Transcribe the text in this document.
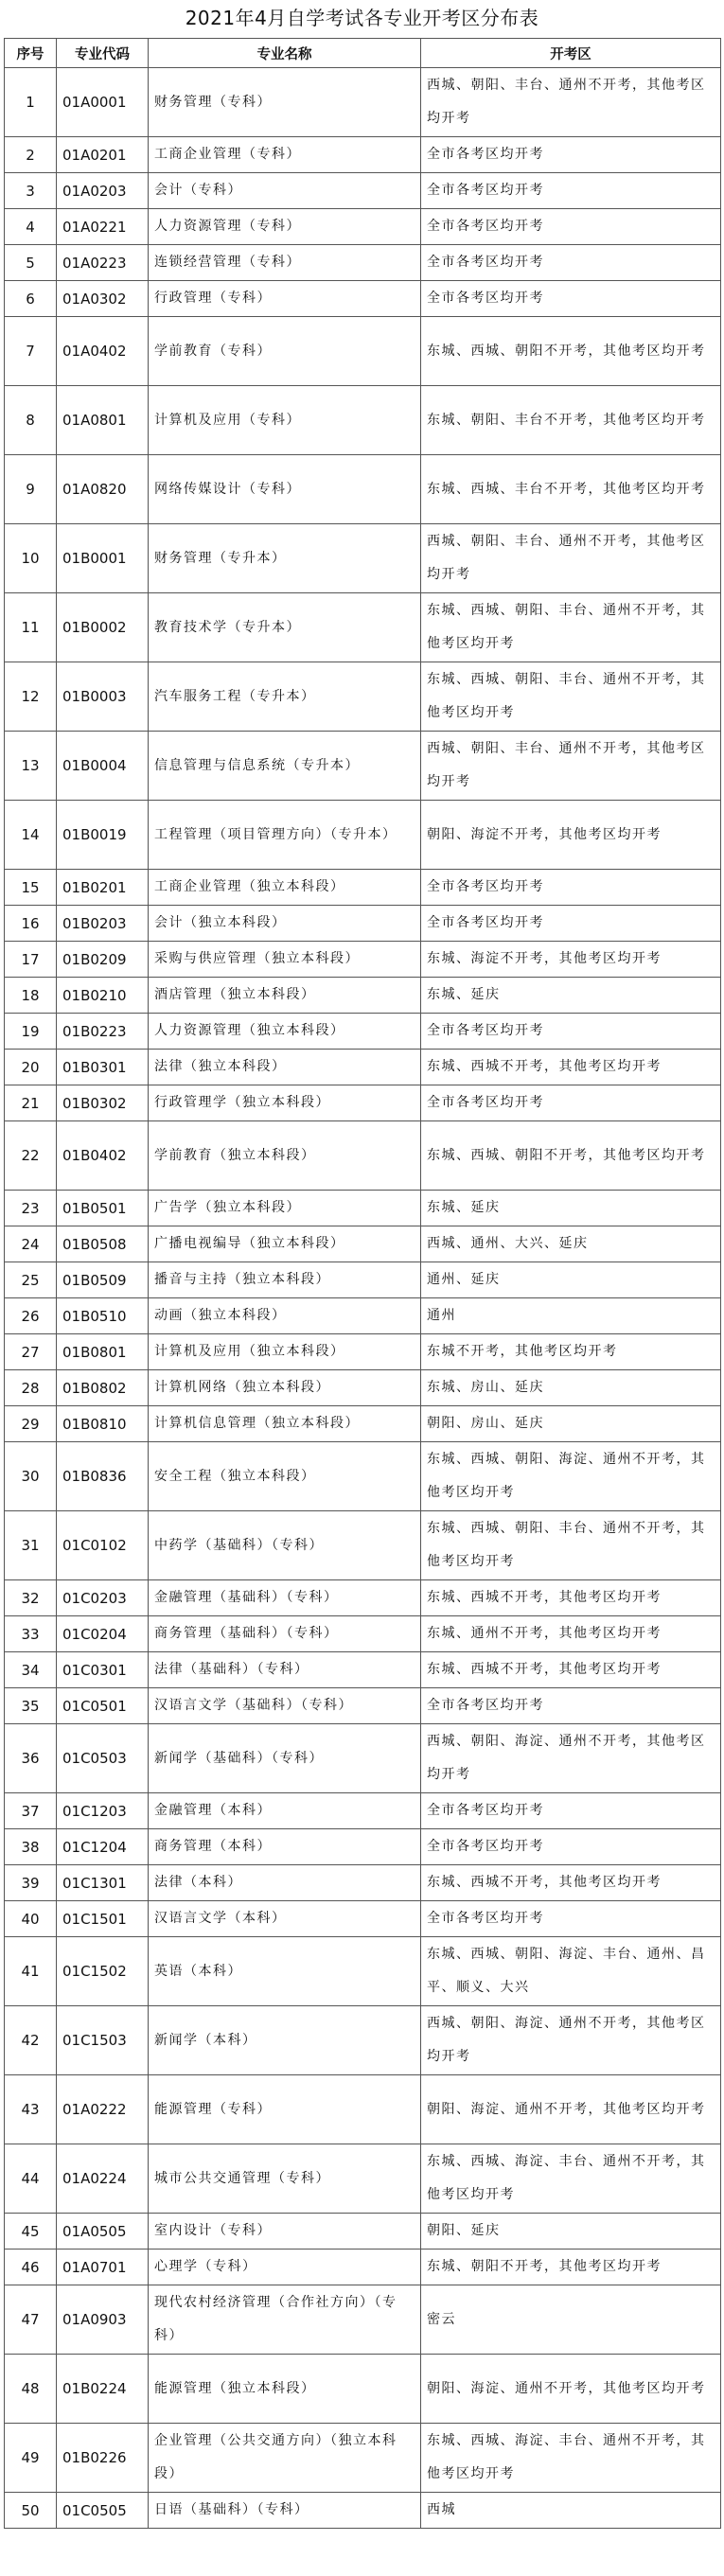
2021年4月自学考试各专业开考区分布表
序号	专业代码	专业名称	开考区
1	01A0001	财务管理（专科）	西城、朝阳、丰台、通州不开考，其他考区均开考
2	01A0201	工商企业管理（专科）	全市各考区均开考
3	01A0203	会计（专科）	全市各考区均开考
4	01A0221	人力资源管理（专科）	全市各考区均开考
5	01A0223	连锁经营管理（专科）	全市各考区均开考
6	01A0302	行政管理（专科）	全市各考区均开考
7	01A0402	学前教育（专科）	东城、西城、朝阳不开考，其他考区均开考
8	01A0801	计算机及应用（专科）	东城、朝阳、丰台不开考，其他考区均开考
9	01A0820	网络传媒设计（专科）	东城、西城、丰台不开考，其他考区均开考
10	01B0001	财务管理（专升本）	西城、朝阳、丰台、通州不开考，其他考区均开考
11	01B0002	教育技术学（专升本）	东城、西城、朝阳、丰台、通州不开考，其他考区均开考
12	01B0003	汽车服务工程（专升本）	东城、西城、朝阳、丰台、通州不开考，其他考区均开考
13	01B0004	信息管理与信息系统（专升本）	西城、朝阳、丰台、通州不开考，其他考区均开考
14	01B0019	工程管理（项目管理方向）（专升本）	朝阳、海淀不开考，其他考区均开考
15	01B0201	工商企业管理（独立本科段）	全市各考区均开考
16	01B0203	会计（独立本科段）	全市各考区均开考
17	01B0209	采购与供应管理（独立本科段）	东城、海淀不开考，其他考区均开考
18	01B0210	酒店管理（独立本科段）	东城、延庆
19	01B0223	人力资源管理（独立本科段）	全市各考区均开考
20	01B0301	法律（独立本科段）	东城、西城不开考，其他考区均开考
21	01B0302	行政管理学（独立本科段）	全市各考区均开考
22	01B0402	学前教育（独立本科段）	东城、西城、朝阳不开考，其他考区均开考
23	01B0501	广告学（独立本科段）	东城、延庆
24	01B0508	广播电视编导（独立本科段）	西城、通州、大兴、延庆
25	01B0509	播音与主持（独立本科段）	通州、延庆
26	01B0510	动画（独立本科段）	通州
27	01B0801	计算机及应用（独立本科段）	东城不开考，其他考区均开考
28	01B0802	计算机网络（独立本科段）	东城、房山、延庆
29	01B0810	计算机信息管理（独立本科段）	朝阳、房山、延庆
30	01B0836	安全工程（独立本科段）	东城、西城、朝阳、海淀、通州不开考，其他考区均开考
31	01C0102	中药学（基础科）（专科）	东城、西城、朝阳、丰台、通州不开考，其他考区均开考
32	01C0203	金融管理（基础科）（专科）	东城、西城不开考，其他考区均开考
33	01C0204	商务管理（基础科）（专科）	东城、通州不开考，其他考区均开考
34	01C0301	法律（基础科）（专科）	东城、西城不开考，其他考区均开考
35	01C0501	汉语言文学（基础科）（专科）	全市各考区均开考
36	01C0503	新闻学（基础科）（专科）	西城、朝阳、海淀、通州不开考，其他考区均开考
37	01C1203	金融管理（本科）	全市各考区均开考
38	01C1204	商务管理（本科）	全市各考区均开考
39	01C1301	法律（本科）	东城、西城不开考，其他考区均开考
40	01C1501	汉语言文学（本科）	全市各考区均开考
41	01C1502	英语（本科）	东城、西城、朝阳、海淀、丰台、通州、昌平、顺义、大兴
42	01C1503	新闻学（本科）	西城、朝阳、海淀、通州不开考，其他考区均开考
43	01A0222	能源管理（专科）	朝阳、海淀、通州不开考，其他考区均开考
44	01A0224	城市公共交通管理（专科）	东城、西城、海淀、丰台、通州不开考，其他考区均开考
45	01A0505	室内设计（专科）	朝阳、延庆
46	01A0701	心理学（专科）	东城、朝阳不开考，其他考区均开考
47	01A0903	现代农村经济管理（合作社方向）（专科）	密云
48	01B0224	能源管理（独立本科段）	朝阳、海淀、通州不开考，其他考区均开考
49	01B0226	企业管理（公共交通方向）（独立本科段）	东城、西城、海淀、丰台、通州不开考，其他考区均开考
50	01C0505	日语（基础科）（专科）	西城
